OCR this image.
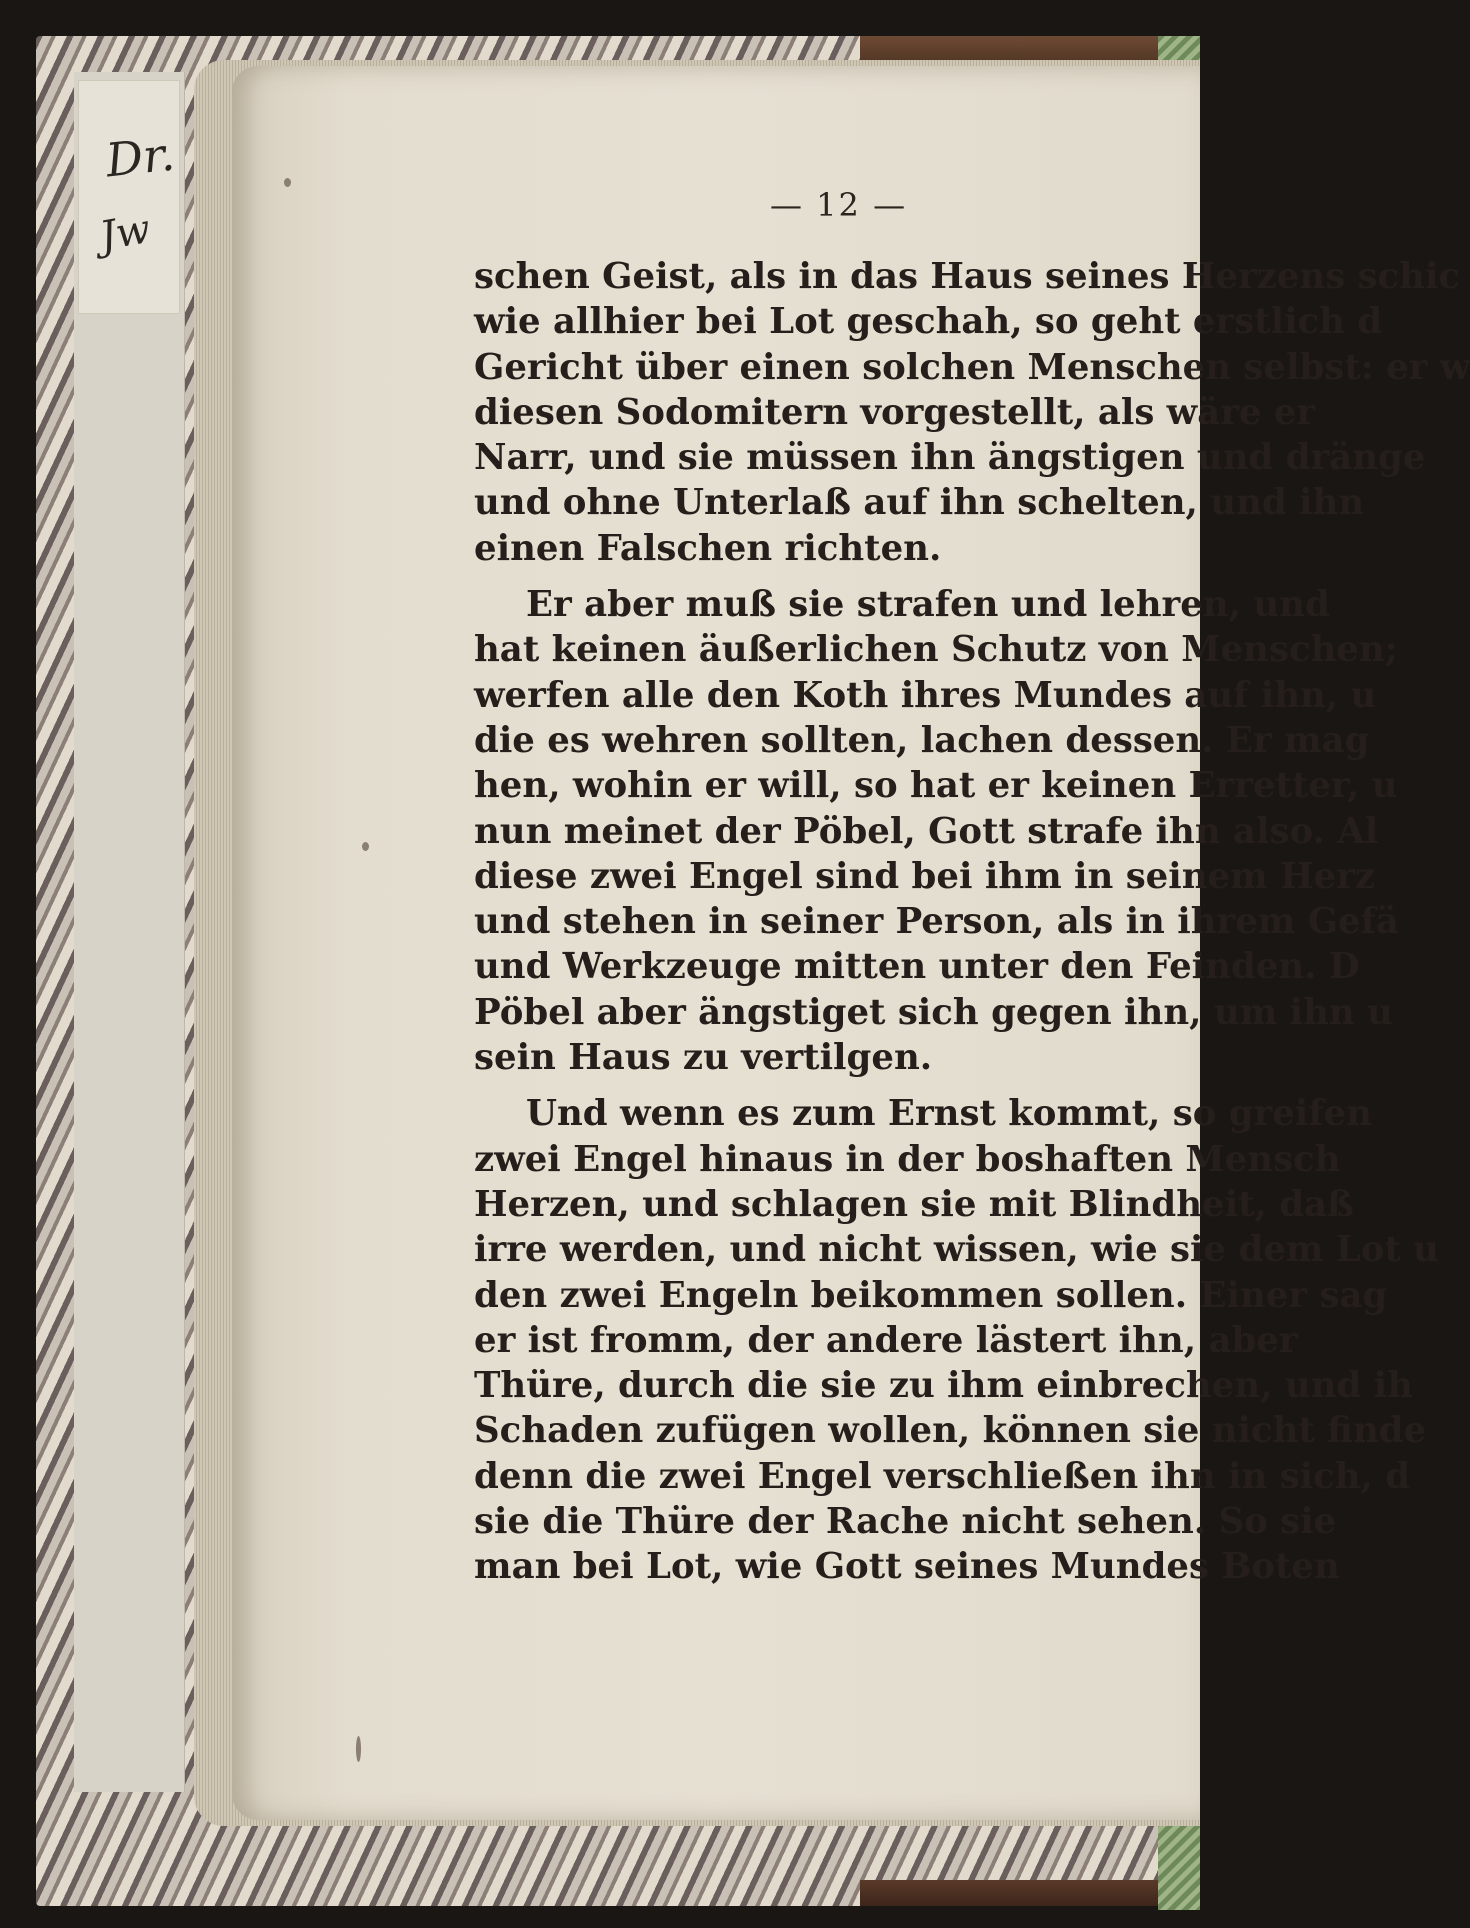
Dr.
Jw
— 12 —

schen Geist, als in das Haus seines Herzens schic
wie allhier bei Lot geschah, so geht erstlich d
Gericht über einen solchen Menschen selbst: er w
diesen Sodomitern vorgestellt, als wäre er
Narr, und sie müssen ihn ängstigen und dränge
und ohne Unterlaß auf ihn schelten, und ihn
einen Falschen richten.

Er aber muß sie strafen und lehren, und
hat keinen äußerlichen Schutz von Menschen;
werfen alle den Koth ihres Mundes auf ihn, u
die es wehren sollten, lachen dessen. Er mag
hen, wohin er will, so hat er keinen Erretter, u
nun meinet der Pöbel, Gott strafe ihn also. Al
diese zwei Engel sind bei ihm in seinem Herz
und stehen in seiner Person, als in ihrem Gefä
und Werkzeuge mitten unter den Feinden. D
Pöbel aber ängstiget sich gegen ihn, um ihn u
sein Haus zu vertilgen.

Und wenn es zum Ernst kommt, so greifen
zwei Engel hinaus in der boshaften Mensch
Herzen, und schlagen sie mit Blindheit, daß
irre werden, und nicht wissen, wie sie dem Lot u
den zwei Engeln beikommen sollen. Einer sag
er ist fromm, der andere lästert ihn, aber
Thüre, durch die sie zu ihm einbrechen, und ih
Schaden zufügen wollen, können sie nicht finde
denn die zwei Engel verschließen ihn in sich, d
sie die Thüre der Rache nicht sehen. So sie
man bei Lot, wie Gott seines Mundes Boten
